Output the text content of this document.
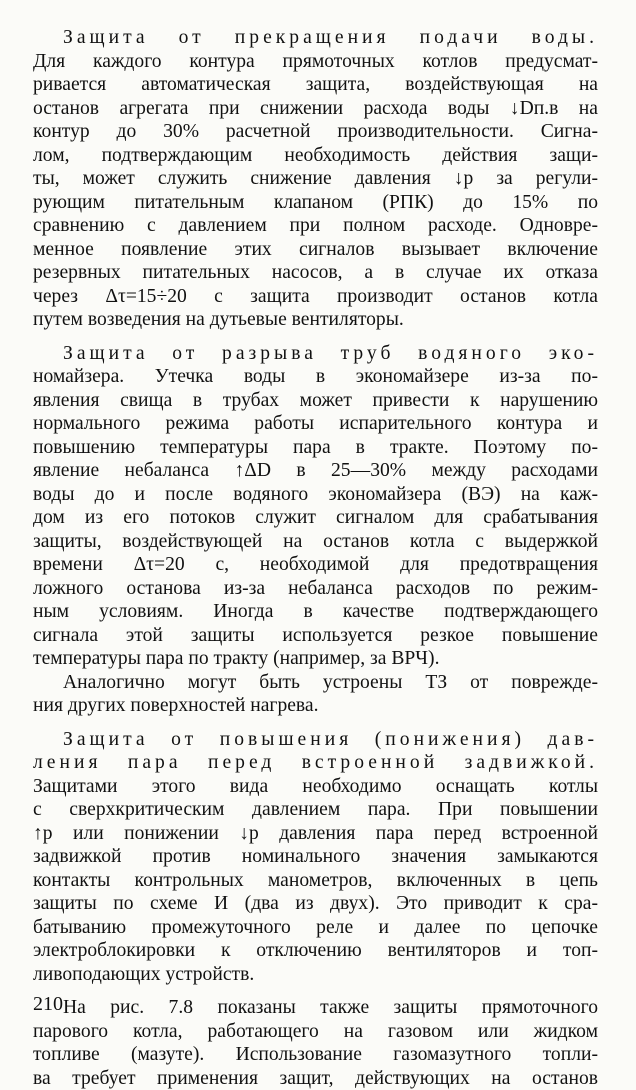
Защита от прекращения подачи воды.
Для каждого контура прямоточных котлов предусмат-
ривается автоматическая защита, воздействующая на
останов агрегата при снижении расхода воды ↓Dп.в на
контур до 30% расчетной производительности. Сигна-
лом, подтверждающим необходимость действия защи-
ты, может служить снижение давления ↓p за регули-
рующим питательным клапаном (РПК) до 15% по
сравнению с давлением при полном расходе. Одновре-
менное появление этих сигналов вызывает включение
резервных питательных насосов, а в случае их отказа
через Δτ=15÷20 с защита производит останов котла
путем возведения на дутьевые вентиляторы.
Защита от разрыва труб водяного эко-
номайзера. Утечка воды в экономайзере из-за по-
явления свища в трубах может привести к нарушению
нормального режима работы испарительного контура и
повышению температуры пара в тракте. Поэтому по-
явление небаланса ↑ΔD в 25—30% между расходами
воды до и после водяного экономайзера (ВЭ) на каж-
дом из его потоков служит сигналом для срабатывания
защиты, воздействующей на останов котла с выдержкой
времени Δτ=20 с, необходимой для предотвращения
ложного останова из-за небаланса расходов по режим-
ным условиям. Иногда в качестве подтверждающего
сигнала этой защиты используется резкое повышение
температуры пара по тракту (например, за ВРЧ).
Аналогично могут быть устроены ТЗ от поврежде-
ния других поверхностей нагрева.
Защита от повышения (понижения) дав-
ления пара перед встроенной задвижкой.
Защитами этого вида необходимо оснащать котлы
с сверхкритическим давлением пара. При повышении
↑p или понижении ↓p давления пара перед встроенной
задвижкой против номинального значения замыкаются
контакты контрольных манометров, включенных в цепь
защиты по схеме И (два из двух). Это приводит к сра-
батыванию промежуточного реле и далее по цепочке
электроблокировки к отключению вентиляторов и топ-
ливоподающих устройств.
На рис. 7.8 показаны также защиты прямоточного
парового котла, работающего на газовом или жидком
топливе (мазуте). Использование газомазутного топли-
ва требует применения защит, действующих на останов
210
